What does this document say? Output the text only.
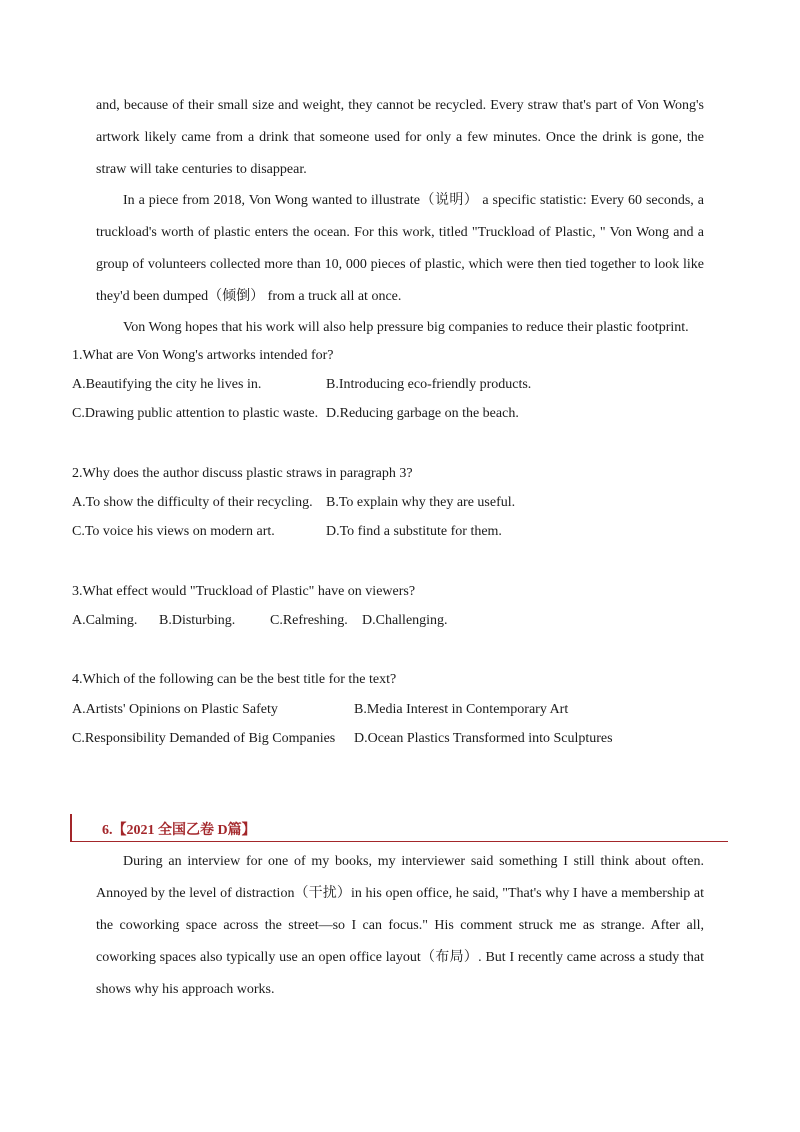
and, because of their small size and weight, they cannot be recycled. Every straw that's part of Von Wong's artwork likely came from a drink that someone used for only a few minutes. Once the drink is gone, the straw will take centuries to disappear.
In a piece from 2018, Von Wong wanted to illustrate（说明） a specific statistic: Every 60 seconds, a truckload's worth of plastic enters the ocean. For this work, titled "Truckload of Plastic, " Von Wong and a group of volunteers collected more than 10, 000 pieces of plastic, which were then tied together to look like they'd been dumped（倾倒） from a truck all at once.
Von Wong hopes that his work will also help pressure big companies to reduce their plastic footprint.
1.What are Von Wong's artworks intended for?
A.Beautifying the city he lives in.	B.Introducing eco-friendly products.
C.Drawing public attention to plastic waste. D.Reducing garbage on the beach.
2.Why does the author discuss plastic straws in paragraph 3?
A.To show the difficulty of their recycling. B.To explain why they are useful.
C.To voice his views on modern art.	D.To find a substitute for them.
3.What effect would "Truckload of Plastic" have on viewers?
A.Calming. B.Disturbing. C.Refreshing. D.Challenging.
4.Which of the following can be the best title for the text?
A.Artists' Opinions on Plastic Safety	B.Media Interest in Contemporary Art
C.Responsibility Demanded of Big Companies D.Ocean Plastics Transformed into Sculptures
6.【2021 全国乙卷 D篇】
During an interview for one of my books, my interviewer said something I still think about often. Annoyed by the level of distraction（干扰）in his open office, he said, "That's why I have a membership at the coworking space across the street—so I can focus." His comment struck me as strange. After all, coworking spaces also typically use an open office layout（布局）. But I recently came across a study that shows why his approach works.
